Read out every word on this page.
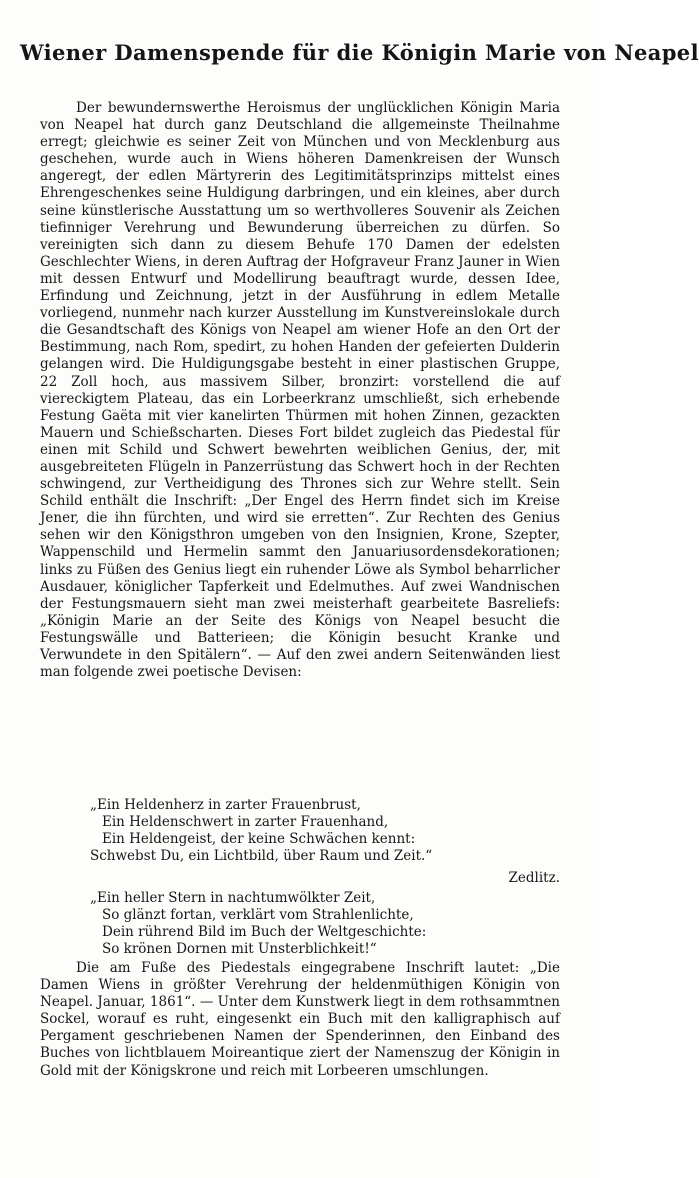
Wiener Damenspende für die Königin Marie von Neapel

Der bewundernswerthe Heroismus der unglücklichen Königin Maria von Neapel hat durch ganz Deutschland die allgemeinste Theilnahme erregt; gleichwie es seiner Zeit von München und von Mecklenburg aus geschehen, wurde auch in Wiens höheren Damenkreisen der Wunsch angeregt, der edlen Märtyrerin des Legitimitätsprinzips mittelst eines Ehrengeschenkes seine Huldigung darbringen, und ein kleines, aber durch seine künstlerische Ausstattung um so werthvolleres Souvenir als Zeichen tiefinniger Verehrung und Bewunderung überreichen zu dürfen. So vereinigten sich dann zu diesem Behufe 170 Damen der edelsten Geschlechter Wiens, in deren Auftrag der Hofgraveur Franz Jauner in Wien mit dessen Entwurf und Modellirung beauftragt wurde, dessen Idee, Erfindung und Zeichnung, jetzt in der Ausführung in edlem Metalle vorliegend, nunmehr nach kurzer Ausstellung im Kunstvereinslokale durch die Gesandtschaft des Königs von Neapel am wiener Hofe an den Ort der Bestimmung, nach Rom, spedirt, zu hohen Handen der gefeierten Dulderin gelangen wird. Die Huldigungsgabe besteht in einer plastischen Gruppe, 22 Zoll hoch, aus massivem Silber, bronzirt: vorstellend die auf viereckigtem Plateau, das ein Lorbeerkranz umschließt, sich erhebende Festung Gaëta mit vier kanelirten Thürmen mit hohen Zinnen, gezackten Mauern und Schießscharten. Dieses Fort bildet zugleich das Piedestal für einen mit Schild und Schwert bewehrten weiblichen Genius, der, mit ausgebreiteten Flügeln in Panzerrüstung das Schwert hoch in der Rechten schwingend, zur Vertheidigung des Thrones sich zur Wehre stellt. Sein Schild enthält die Inschrift: „Der Engel des Herrn findet sich im Kreise Jener, die ihn fürchten, und wird sie erretten“. Zur Rechten des Genius sehen wir den Königsthron umgeben von den Insignien, Krone, Szepter, Wappenschild und Hermelin sammt den Januariusordensdekorationen; links zu Füßen des Genius liegt ein ruhender Löwe als Symbol beharrlicher Ausdauer, königlicher Tapferkeit und Edelmuthes. Auf zwei Wandnischen der Festungsmauern sieht man zwei meisterhaft gearbeitete Basreliefs: „Königin Marie an der Seite des Königs von Neapel besucht die Festungswälle und Batterieen; die Königin besucht Kranke und Verwundete in den Spitälern“. — Auf den zwei andern Seitenwänden liest man folgende zwei poetische Devisen:

„Ein Heldenherz in zarter Frauenbrust,
Ein Heldenschwert in zarter Frauenhand,
Ein Heldengeist, der keine Schwächen kennt:
Schwebst Du, ein Lichtbild, über Raum und Zeit.“
Zedlitz.
„Ein heller Stern in nachtumwölkter Zeit,
So glänzt fortan, verklärt vom Strahlenlichte,
Dein rührend Bild im Buch der Weltgeschichte:
So krönen Dornen mit Unsterblichkeit!“

Die am Fuße des Piedestals eingegrabene Inschrift lautet: „Die Damen Wiens in größter Verehrung der heldenmüthigen Königin von Neapel. Januar, 1861“. — Unter dem Kunstwerk liegt in dem rothsammtnen Sockel, worauf es ruht, eingesenkt ein Buch mit den kalligraphisch auf Pergament geschriebenen Namen der Spenderinnen, den Einband des Buches von lichtblauem Moireantique ziert der Namenszug der Königin in Gold mit der Königskrone und reich mit Lorbeeren umschlungen.
